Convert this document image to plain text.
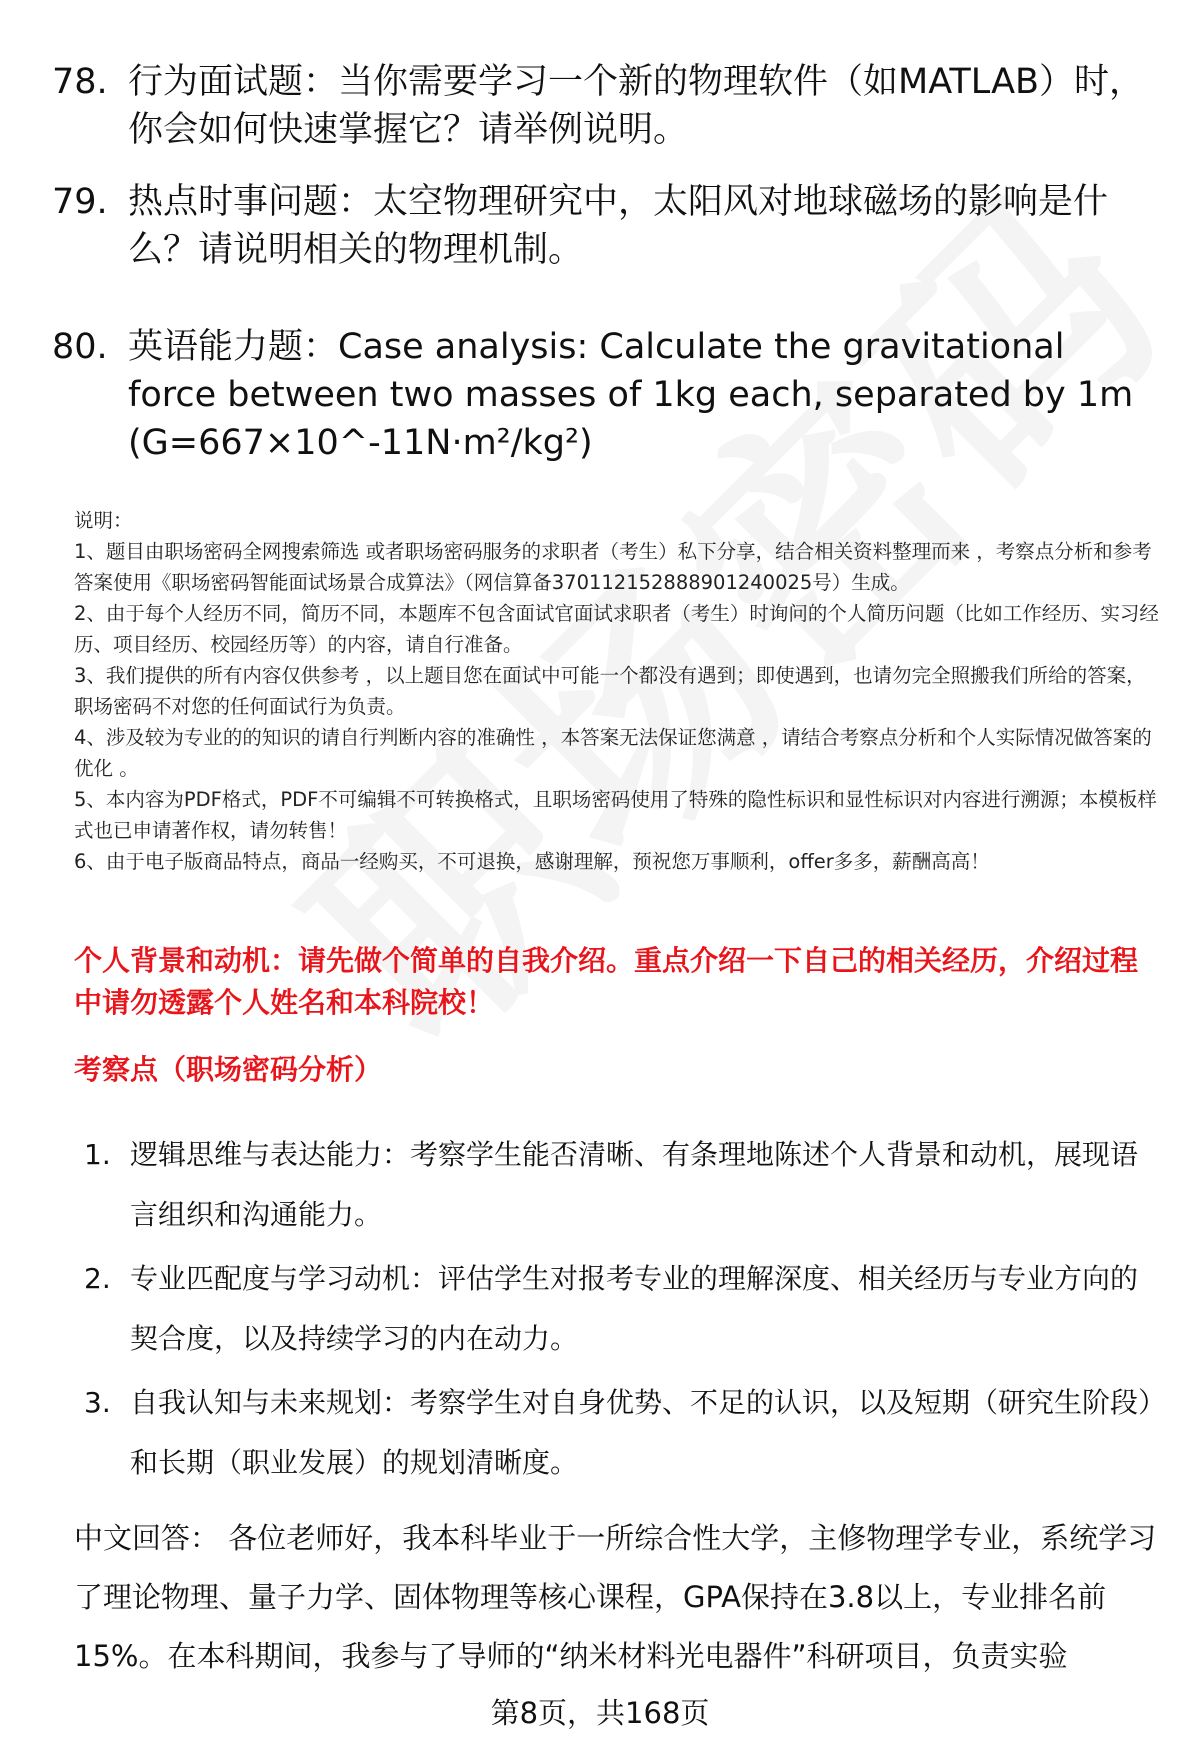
78. 行为面试题：当你需要学习一个新的物理软件（如MATLAB）时，你会如何快速掌握它？请举例说明。
79. 热点时事问题：太空物理研究中，太阳风对地球磁场的影响是什么？请说明相关的物理机制。
80. 英语能力题：Case analysis: Calculate the gravitational force between two masses of 1kg each, separated by 1m (G=667×10^-11N·m²/kg²)

说明：

1、题目由职场密码全网搜索筛选 或者职场密码服务的求职者（考生）私下分享，结合相关资料整理而来 ，考察点分析和参考答案使用《职场密码智能面试场景合成算法》（网信算备370112152888901240025号）生成。

2、由于每个人经历不同，简历不同，本题库不包含面试官面试求职者（考生）时询问的个人简历问题（比如工作经历、实习经历、项目经历、校园经历等）的内容，请自行准备。

3、我们提供的所有内容仅供参考 ，以上题目您在面试中可能一个都没有遇到；即使遇到，也请勿完全照搬我们所给的答案，职场密码不对您的任何面试行为负责。

4、涉及较为专业的的知识的请自行判断内容的准确性 ，本答案无法保证您满意 ，请结合考察点分析和个人实际情况做答案的优化 。

5、本内容为PDF格式，PDF不可编辑不可转换格式，且职场密码使用了特殊的隐性标识和显性标识对内容进行溯源；本模板样式也已申请著作权，请勿转售！

6、由于电子版商品特点，商品一经购买，不可退换，感谢理解，预祝您万事顺利，offer多多，薪酬高高！

个人背景和动机：请先做个简单的自我介绍。重点介绍一下自己的相关经历，介绍过程中请勿透露个人姓名和本科院校！
考察点（职场密码分析）
1. 逻辑思维与表达能力：考察学生能否清晰、有条理地陈述个人背景和动机，展现语言组织和沟通能力。
2. 专业匹配度与学习动机：评估学生对报考专业的理解深度、相关经历与专业方向的契合度，以及持续学习的内在动力。
3. 自我认知与未来规划：考察学生对自身优势、不足的认识，以及短期（研究生阶段）和长期（职业发展）的规划清晰度。
中文回答： 各位老师好，我本科毕业于一所综合性大学，主修物理学专业，系统学习了理论物理、量子力学、固体物理等核心课程，GPA保持在3.8以上，专业排名前15%。在本科期间，我参与了导师的“纳米材料光电器件”科研项目，负责实验
第8页，共168页
